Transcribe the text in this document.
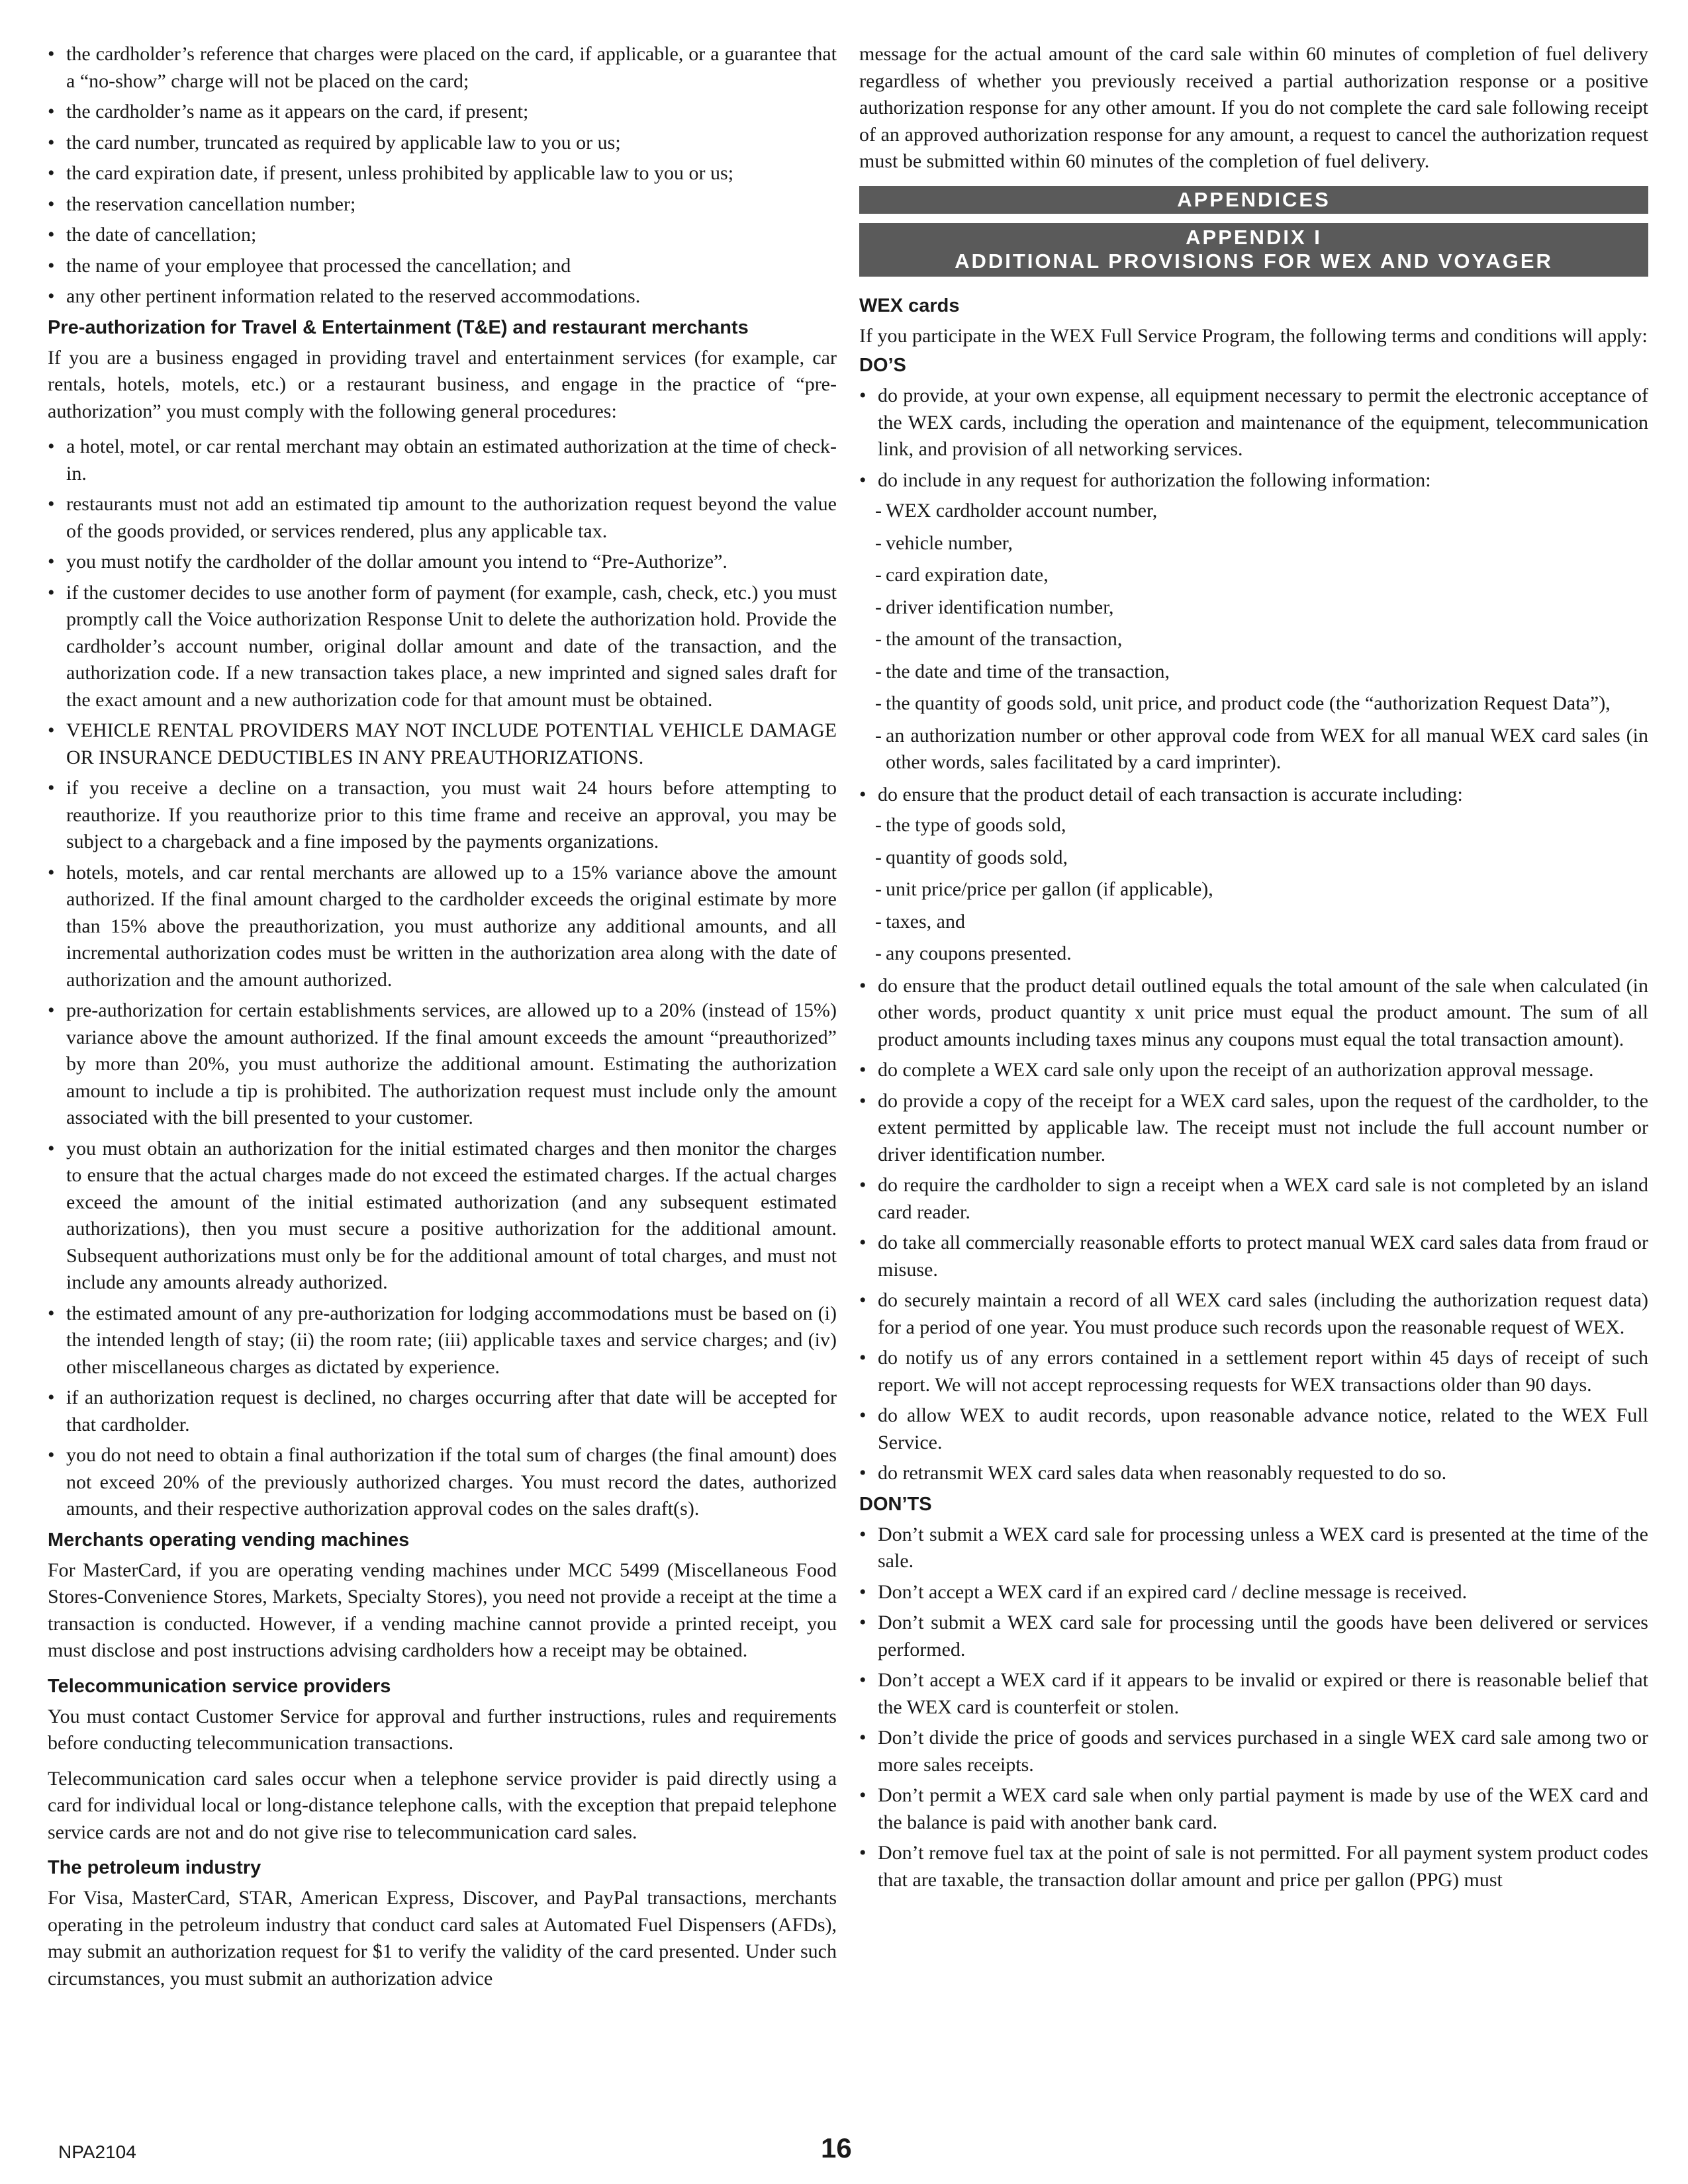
• the cardholder’s reference that charges were placed on the card, if applicable, or a guarantee that a “no-show” charge will not be placed on the card;
• the cardholder’s name as it appears on the card, if present;
• the card number, truncated as required by applicable law to you or us;
• the card expiration date, if present, unless prohibited by applicable law to you or us;
• the reservation cancellation number;
• the date of cancellation;
• the name of your employee that processed the cancellation; and
• any other pertinent information related to the reserved accommodations.
Pre-authorization for Travel & Entertainment (T&E) and restaurant merchants
If you are a business engaged in providing travel and entertainment services (for example, car rentals, hotels, motels, etc.) or a restaurant business, and engage in the practice of “pre-authorization” you must comply with the following general procedures:
• a hotel, motel, or car rental merchant may obtain an estimated authorization at the time of check-in.
• restaurants must not add an estimated tip amount to the authorization request beyond the value of the goods provided, or services rendered, plus any applicable tax.
• you must notify the cardholder of the dollar amount you intend to “Pre-Authorize”.
• if the customer decides to use another form of payment (for example, cash, check, etc.) you must promptly call the Voice authorization Response Unit to delete the authorization hold. Provide the cardholder’s account number, original dollar amount and date of the transaction, and the authorization code. If a new transaction takes place, a new imprinted and signed sales draft for the exact amount and a new authorization code for that amount must be obtained.
• VEHICLE RENTAL PROVIDERS MAY NOT INCLUDE POTENTIAL VEHICLE DAMAGE OR INSURANCE DEDUCTIBLES IN ANY PREAUTHORIZATIONS.
• if you receive a decline on a transaction, you must wait 24 hours before attempting to reauthorize. If you reauthorize prior to this time frame and receive an approval, you may be subject to a chargeback and a fine imposed by the payments organizations.
• hotels, motels, and car rental merchants are allowed up to a 15% variance above the amount authorized. If the final amount charged to the cardholder exceeds the original estimate by more than 15% above the preauthorization, you must authorize any additional amounts, and all incremental authorization codes must be written in the authorization area along with the date of authorization and the amount authorized.
• pre-authorization for certain establishments services, are allowed up to a 20% (instead of 15%) variance above the amount authorized. If the final amount exceeds the amount “preauthorized” by more than 20%, you must authorize the additional amount. Estimating the authorization amount to include a tip is prohibited. The authorization request must include only the amount associated with the bill presented to your customer.
• you must obtain an authorization for the initial estimated charges and then monitor the charges to ensure that the actual charges made do not exceed the estimated charges. If the actual charges exceed the amount of the initial estimated authorization (and any subsequent estimated authorizations), then you must secure a positive authorization for the additional amount. Subsequent authorizations must only be for the additional amount of total charges, and must not include any amounts already authorized.
• the estimated amount of any pre-authorization for lodging accommodations must be based on (i) the intended length of stay; (ii) the room rate; (iii) applicable taxes and service charges; and (iv) other miscellaneous charges as dictated by experience.
• if an authorization request is declined, no charges occurring after that date will be accepted for that cardholder.
• you do not need to obtain a final authorization if the total sum of charges (the final amount) does not exceed 20% of the previously authorized charges. You must record the dates, authorized amounts, and their respective authorization approval codes on the sales draft(s).
Merchants operating vending machines
For MasterCard, if you are operating vending machines under MCC 5499 (Miscellaneous Food Stores-Convenience Stores, Markets, Specialty Stores), you need not provide a receipt at the time a transaction is conducted. However, if a vending machine cannot provide a printed receipt, you must disclose and post instructions advising cardholders how a receipt may be obtained.
Telecommunication service providers
You must contact Customer Service for approval and further instructions, rules and requirements before conducting telecommunication transactions.
Telecommunication card sales occur when a telephone service provider is paid directly using a card for individual local or long-distance telephone calls, with the exception that prepaid telephone service cards are not and do not give rise to telecommunication card sales.
The petroleum industry
For Visa, MasterCard, STAR, American Express, Discover, and PayPal transactions, merchants operating in the petroleum industry that conduct card sales at Automated Fuel Dispensers (AFDs), may submit an authorization request for $1 to verify the validity of the card presented. Under such circumstances, you must submit an authorization advice
message for the actual amount of the card sale within 60 minutes of completion of fuel delivery regardless of whether you previously received a partial authorization response or a positive authorization response for any other amount. If you do not complete the card sale following receipt of an approved authorization response for any amount, a request to cancel the authorization request must be submitted within 60 minutes of the completion of fuel delivery.
APPENDICES
APPENDIX I
ADDITIONAL PROVISIONS FOR WEX AND VOYAGER
WEX cards
If you participate in the WEX Full Service Program, the following terms and conditions will apply:
DO’S
• do provide, at your own expense, all equipment necessary to permit the electronic acceptance of the WEX cards, including the operation and maintenance of the equipment, telecommunication link, and provision of all networking services.
• do include in any request for authorization the following information:
- WEX cardholder account number,
- vehicle number,
- card expiration date,
- driver identification number,
- the amount of the transaction,
- the date and time of the transaction,
- the quantity of goods sold, unit price, and product code (the “authorization Request Data”),
- an authorization number or other approval code from WEX for all manual WEX card sales (in other words, sales facilitated by a card imprinter).
• do ensure that the product detail of each transaction is accurate including:
- the type of goods sold,
- quantity of goods sold,
- unit price/price per gallon (if applicable),
- taxes, and
- any coupons presented.
• do ensure that the product detail outlined equals the total amount of the sale when calculated (in other words, product quantity x unit price must equal the product amount. The sum of all product amounts including taxes minus any coupons must equal the total transaction amount).
• do complete a WEX card sale only upon the receipt of an authorization approval message.
• do provide a copy of the receipt for a WEX card sales, upon the request of the cardholder, to the extent permitted by applicable law. The receipt must not include the full account number or driver identification number.
• do require the cardholder to sign a receipt when a WEX card sale is not completed by an island card reader.
• do take all commercially reasonable efforts to protect manual WEX card sales data from fraud or misuse.
• do securely maintain a record of all WEX card sales (including the authorization request data) for a period of one year. You must produce such records upon the reasonable request of WEX.
• do notify us of any errors contained in a settlement report within 45 days of receipt of such report. We will not accept reprocessing requests for WEX transactions older than 90 days.
• do allow WEX to audit records, upon reasonable advance notice, related to the WEX Full Service.
• do retransmit WEX card sales data when reasonably requested to do so.
DON’TS
• Don’t submit a WEX card sale for processing unless a WEX card is presented at the time of the sale.
• Don’t accept a WEX card if an expired card / decline message is received.
• Don’t submit a WEX card sale for processing until the goods have been delivered or services performed.
• Don’t accept a WEX card if it appears to be invalid or expired or there is reasonable belief that the WEX card is counterfeit or stolen.
• Don’t divide the price of goods and services purchased in a single WEX card sale among two or more sales receipts.
• Don’t permit a WEX card sale when only partial payment is made by use of the WEX card and the balance is paid with another bank card.
• Don’t remove fuel tax at the point of sale is not permitted. For all payment system product codes that are taxable, the transaction dollar amount and price per gallon (PPG) must
NPA2104	16
